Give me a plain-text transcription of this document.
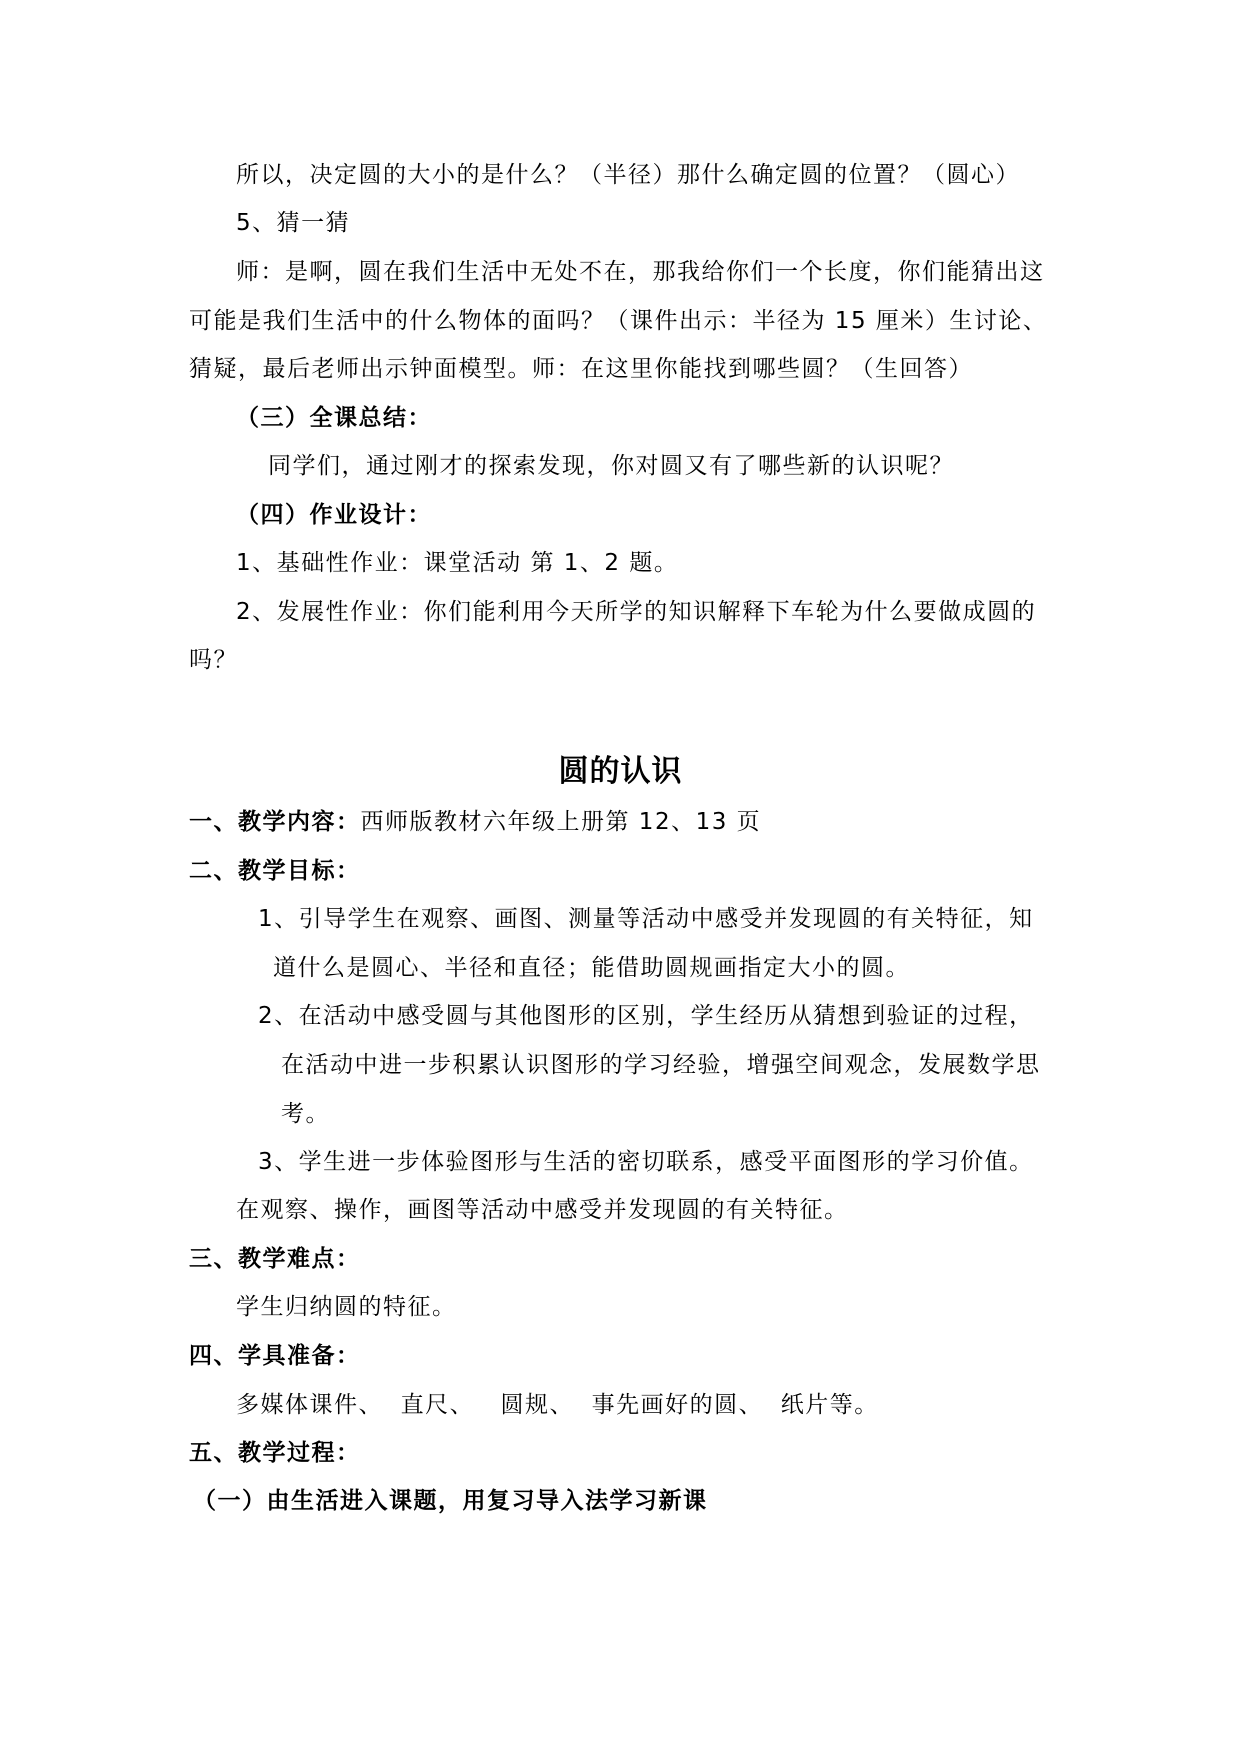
所以，决定圆的大小的是什么？（半径）那什么确定圆的位置？（圆心）
5、猜一猜
师：是啊，圆在我们生活中无处不在，那我给你们一个长度，你们能猜出这
可能是我们生活中的什么物体的面吗？（课件出示：半径为 15 厘米）生讨论、
猜疑，最后老师出示钟面模型。师：在这里你能找到哪些圆？（生回答）
（三）全课总结：
同学们，通过刚才的探索发现，你对圆又有了哪些新的认识呢？
（四）作业设计：
1、基础性作业：课堂活动 第 1、2 题。
2、发展性作业：你们能利用今天所学的知识解释下车轮为什么要做成圆的
吗？
圆的认识
一、教学内容：西师版教材六年级上册第 12、13 页
二、教学目标：
1、引导学生在观察、画图、测量等活动中感受并发现圆的有关特征，知
道什么是圆心、半径和直径；能借助圆规画指定大小的圆。
2、在活动中感受圆与其他图形的区别，学生经历从猜想到验证的过程，
在活动中进一步积累认识图形的学习经验，增强空间观念，发展数学思
考。
3、学生进一步体验图形与生活的密切联系，感受平面图形的学习价值。
在观察、操作，画图等活动中感受并发现圆的有关特征。
三、教学难点：
学生归纳圆的特征。
四、学具准备：
多媒体课件、  直尺、   圆规、  事先画好的圆、  纸片等。
五、教学过程：
（一）由生活进入课题，用复习导入法学习新课
